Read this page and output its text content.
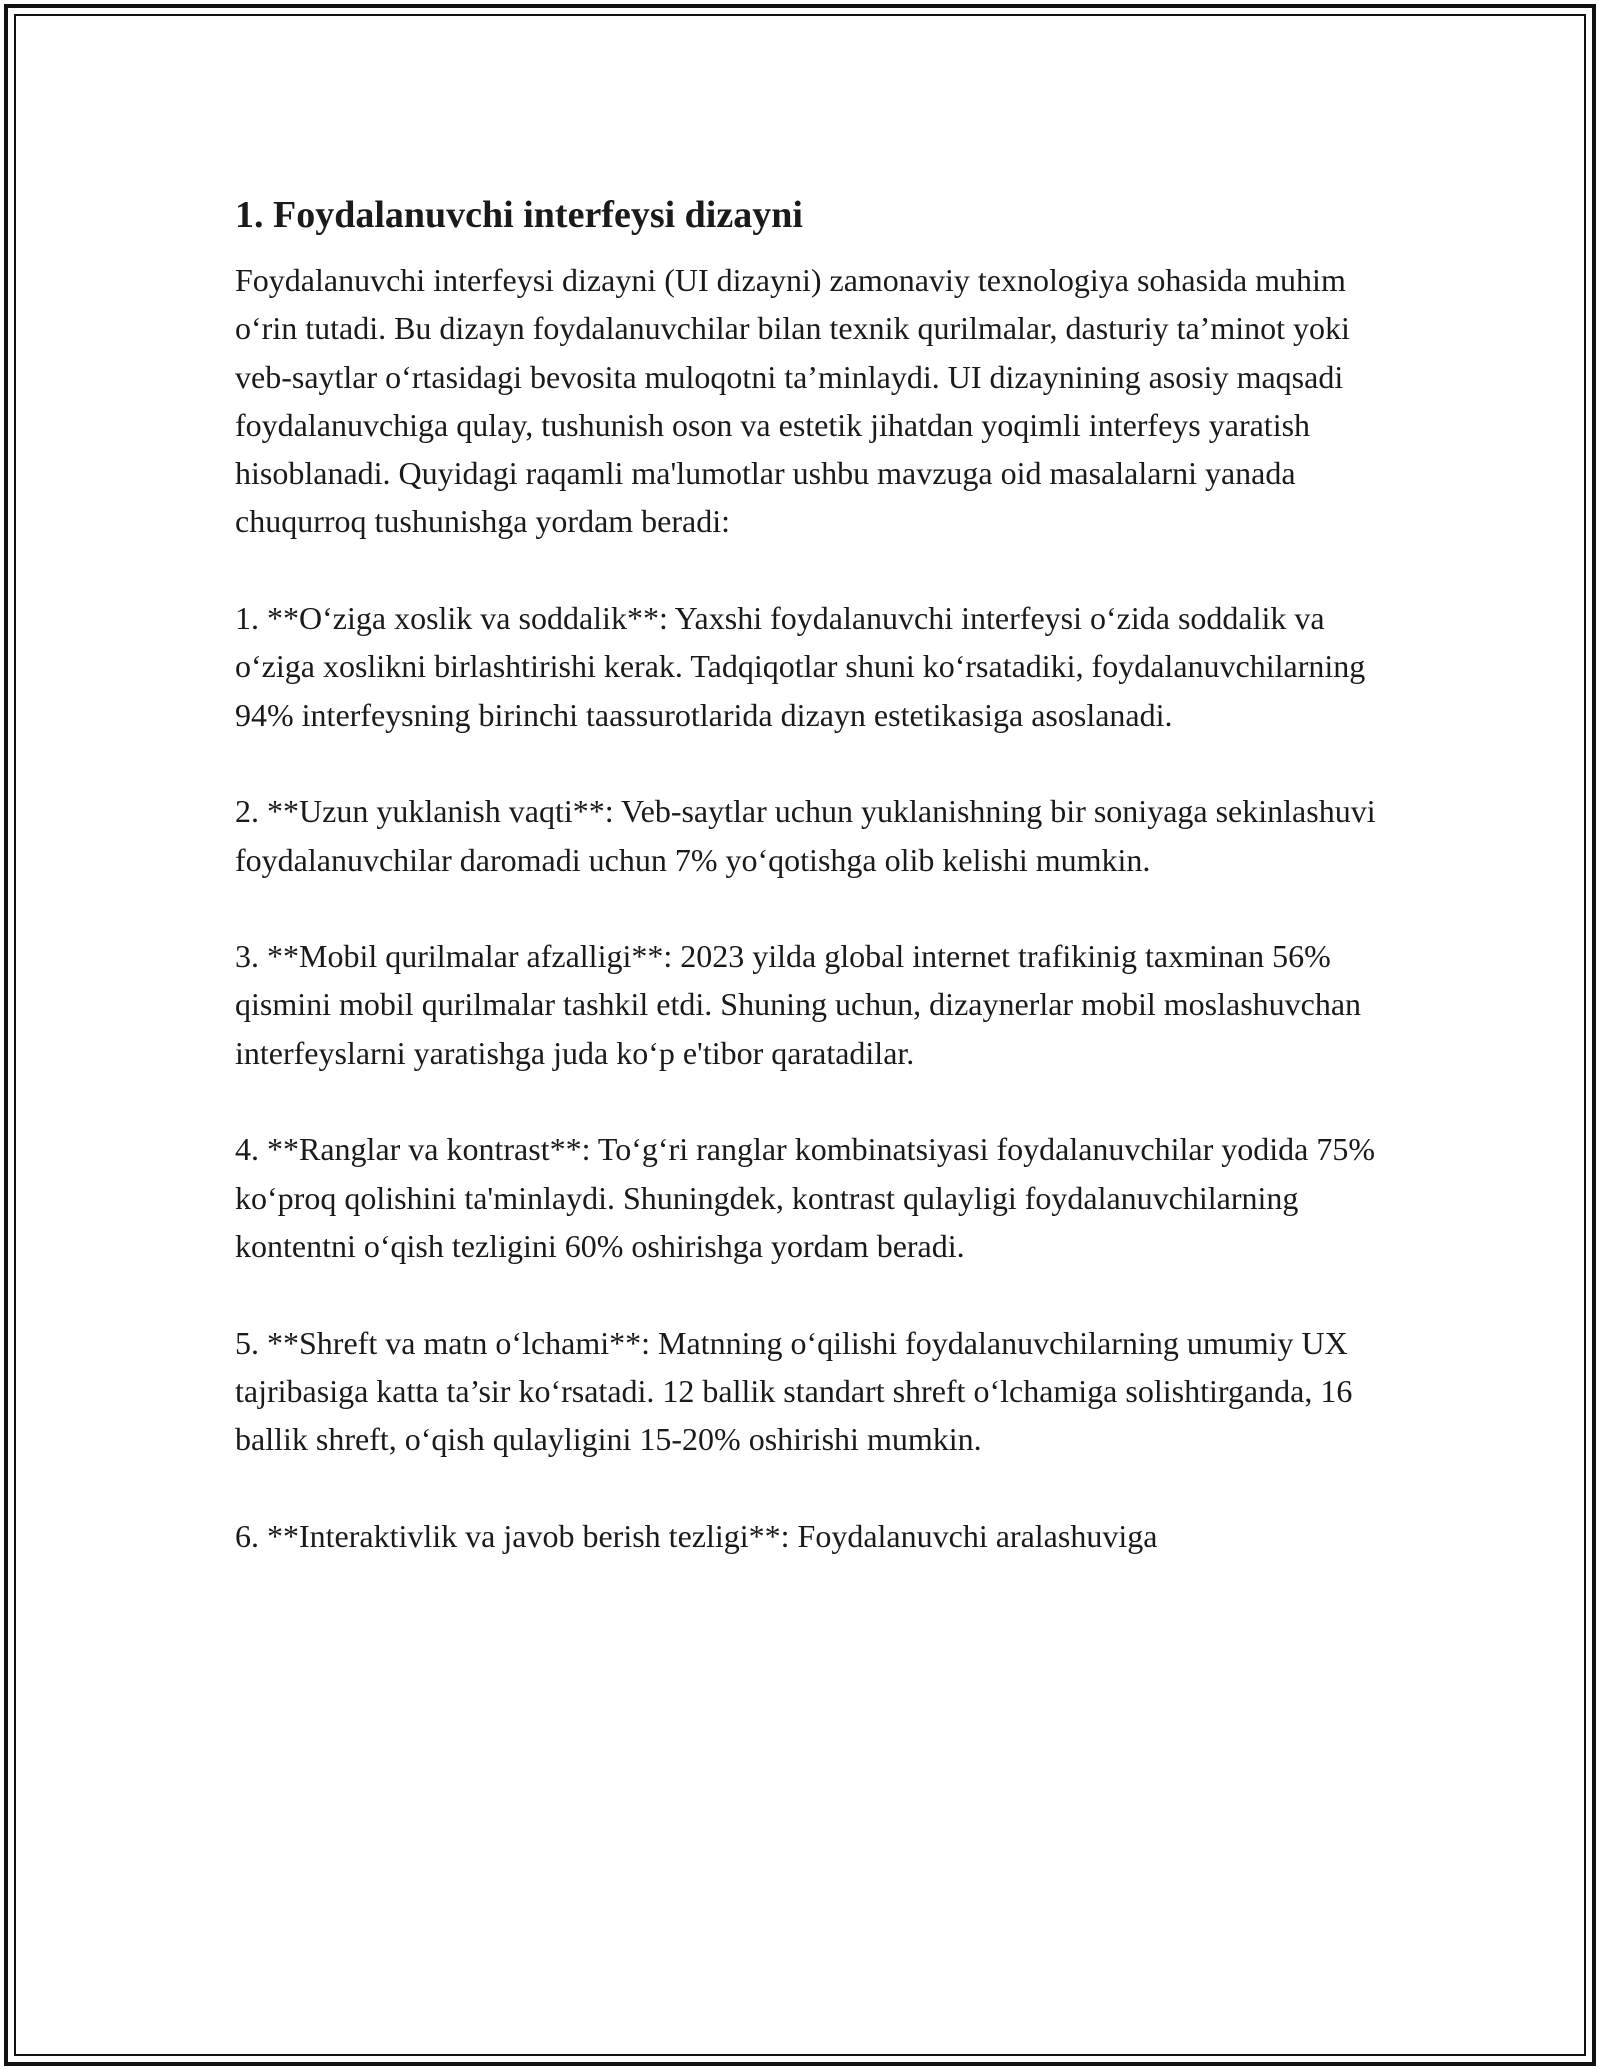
1. Foydalanuvchi interfeysi dizayni

Foydalanuvchi interfeysi dizayni (UI dizayni) zamonaviy texnologiya sohasida muhim o‘rin tutadi. Bu dizayn foydalanuvchilar bilan texnik qurilmalar, dasturiy ta’minot yoki veb-saytlar o‘rtasidagi bevosita muloqotni ta’minlaydi. UI dizaynining asosiy maqsadi foydalanuvchiga qulay, tushunish oson va estetik jihatdan yoqimli interfeys yaratish hisoblanadi. Quyidagi raqamli ma'lumotlar ushbu mavzuga oid masalalarni yanada chuqurroq tushunishga yordam beradi:

1. **O‘ziga xoslik va soddalik**: Yaxshi foydalanuvchi interfeysi o‘zida soddalik va o‘ziga xoslikni birlashtirishi kerak. Tadqiqotlar shuni ko‘rsatadiki, foydalanuvchilarning 94% interfeysning birinchi taassurotlarida dizayn estetikasiga asoslanadi.

2. **Uzun yuklanish vaqti**: Veb-saytlar uchun yuklanishning bir soniyaga sekinlashuvi foydalanuvchilar daromadi uchun 7% yo‘qotishga olib kelishi mumkin.

3. **Mobil qurilmalar afzalligi**: 2023 yilda global internet trafikinig taxminan 56% qismini mobil qurilmalar tashkil etdi. Shuning uchun, dizaynerlar mobil moslashuvchan interfeyslarni yaratishga juda ko‘p e'tibor qaratadilar.

4. **Ranglar va kontrast**: To‘g‘ri ranglar kombinatsiyasi foydalanuvchilar yodida 75% ko‘proq qolishini ta'minlaydi. Shuningdek, kontrast qulayligi foydalanuvchilarning kontentni o‘qish tezligini 60% oshirishga yordam beradi.

5. **Shreft va matn o‘lchami**: Matnning o‘qilishi foydalanuvchilarning umumiy UX tajribasiga katta ta’sir ko‘rsatadi. 12 ballik standart shreft o‘lchamiga solishtirganda, 16 ballik shreft, o‘qish qulayligini 15-20% oshirishi mumkin.

6. **Interaktivlik va javob berish tezligi**: Foydalanuvchi aralashuviga
